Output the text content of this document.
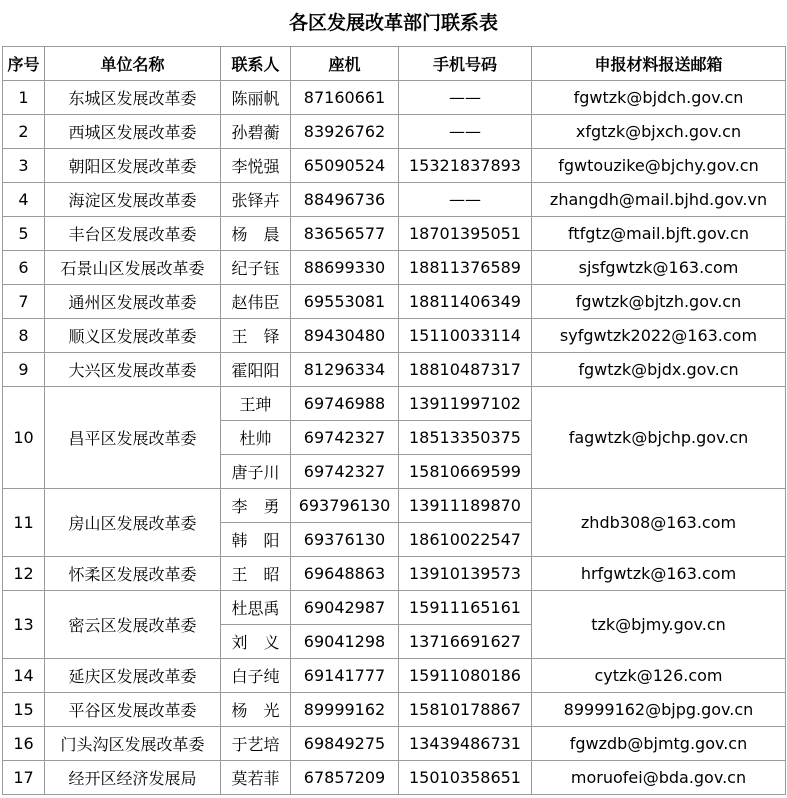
各区发展改革部门联系表
序号	单位名称	联系人	座机	手机号码	申报材料报送邮箱
1	东城区发展改革委	陈丽帆	87160661	——	fgwtzk@bjdch.gov.cn
2	西城区发展改革委	孙碧蘅	83926762	——	xfgtzk@bjxch.gov.cn
3	朝阳区发展改革委	李悦强	65090524	15321837893	fgwtouzike@bjchy.gov.cn
4	海淀区发展改革委	张铎卉	88496736	——	zhangdh@mail.bjhd.gov.vn
5	丰台区发展改革委	杨　晨	83656577	18701395051	ftfgtz@mail.bjft.gov.cn
6	石景山区发展改革委	纪子钰	88699330	18811376589	sjsfgwtzk@163.com
7	通州区发展改革委	赵伟臣	69553081	18811406349	fgwtzk@bjtzh.gov.cn
8	顺义区发展改革委	王　铎	89430480	15110033114	syfgwtzk2022@163.com
9	大兴区发展改革委	霍阳阳	81296334	18810487317	fgwtzk@bjdx.gov.cn
10	昌平区发展改革委	王珅	69746988	13911997102	fagwtzk@bjchp.gov.cn
		杜帅	69742327	18513350375	
		唐子川	69742327	15810669599	
11	房山区发展改革委	李　勇	693796130	13911189870	zhdb308@163.com
		韩　阳	69376130	18610022547	
12	怀柔区发展改革委	王　昭	69648863	13910139573	hrfgwtzk@163.com
13	密云区发展改革委	杜思禹	69042987	15911165161	tzk@bjmy.gov.cn
		刘　义	69041298	13716691627	
14	延庆区发展改革委	白子纯	69141777	15911080186	cytzk@126.com
15	平谷区发展改革委	杨　光	89999162	15810178867	89999162@bjpg.gov.cn
16	门头沟区发展改革委	于艺培	69849275	13439486731	fgwzdb@bjmtg.gov.cn
17	经开区经济发展局	莫若菲	67857209	15010358651	moruofei@bda.gov.cn
